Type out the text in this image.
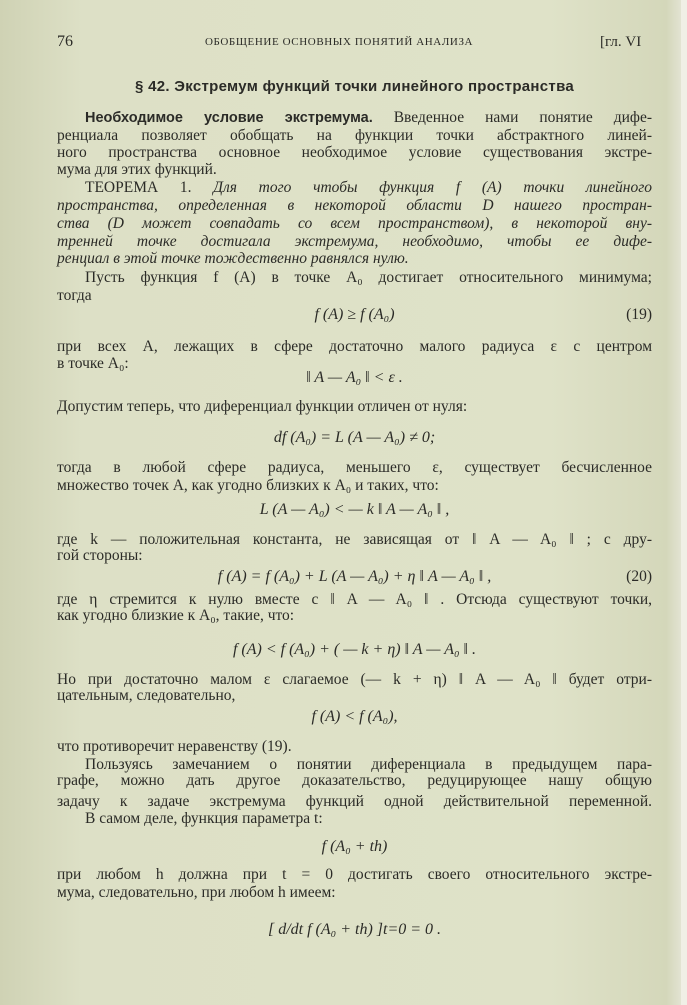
76	ОБОБЩЕНИЕ ОСНОВНЫХ ПОНЯТИЙ АНАЛИЗА	[гл. VI
§ 42. Экстремум функций точки линейного пространства
Необходимое условие экстремума. Введенное нами понятие дифе-
ренциала позволяет обобщать на функции точки абстрактного линей-
ного пространства основное необходимое условие существования экстре-
мума для этих функций.
ТЕОРЕМА 1. Для того чтобы функция f (A) точки линейного
пространства, определенная в некоторой области D нашего простран-
ства (D может совпадать со всем пространством), в некоторой вну-
тренней точке достигала экстремума, необходимо, чтобы ее дифе-
ренциал в этой точке тождественно равнялся нулю.
Пусть функция f (A) в точке A₀ достигает относительного минимума;
тогда
f (A) ≥ f (A₀)	(19)
при всех A, лежащих в сфере достаточно малого радиуса ε с центром
в точке A₀:
‖ A — A₀ ‖ < ε .
Допустим теперь, что диференциал функции отличен от нуля:
df (A₀) = L (A — A₀) ≠ 0;
тогда в любой сфере радиуса, меньшего ε, существует бесчисленное
множество точек A, как угодно близких к A₀ и таких, что:
L (A — A₀) < — k ‖ A — A₀ ‖ ,
где k — положительная константа, не зависящая от ‖ A — A₀ ‖ ; с дру-
гой стороны:
f (A) = f (A₀) + L (A — A₀) + η ‖ A — A₀ ‖ ,	(20)
где η стремится к нулю вместе с ‖ A — A₀ ‖ . Отсюда существуют точки,
как угодно близкие к A₀, такие, что:
f (A) < f (A₀) + ( — k + η) ‖ A — A₀ ‖ .
Но при достаточно малом ε слагаемое (— k + η) ‖ A — A₀ ‖ будет отри-
цательным, следовательно,
f (A) < f (A₀),
что противоречит неравенству (19).
Пользуясь замечанием о понятии диференциала в предыдущем пара-
графе, можно дать другое доказательство, редуцирующее нашу общую
задачу к задаче экстремума функций одной действительной переменной.
В самом деле, функция параметра t:
f (A₀ + th)
при любом h должна при t = 0 достигать своего относительного экстре-
мума, следовательно, при любом h имеем:
[ d/dt f (A₀ + th) ]t=0 = 0 .
